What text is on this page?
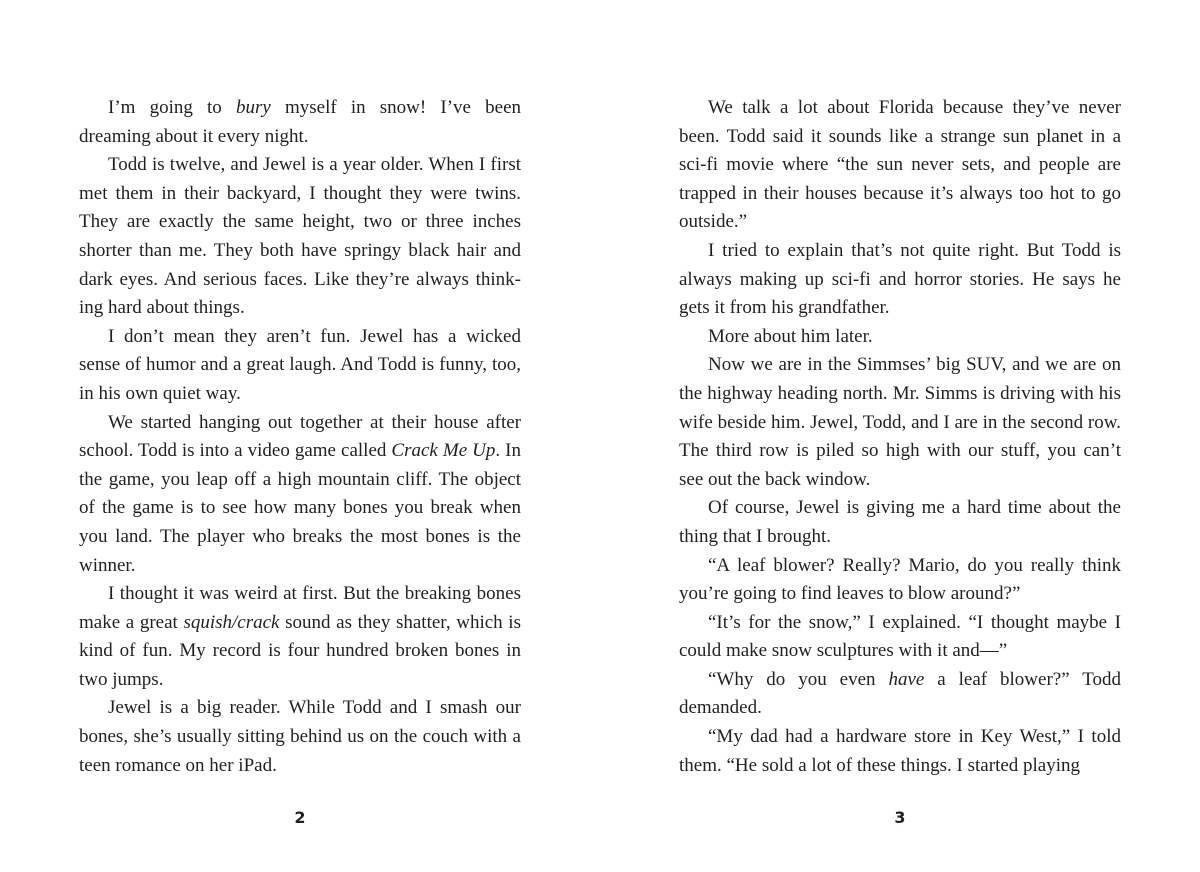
I’m going to bury myself in snow! I’ve been dreaming about it every night.

Todd is twelve, and Jewel is a year older. When I first met them in their backyard, I thought they were twins. They are exactly the same height, two or three inches shorter than me. They both have springy black hair and dark eyes. And serious faces. Like they’re always think-ing hard about things.

I don’t mean they aren’t fun. Jewel has a wicked sense of humor and a great laugh. And Todd is funny, too, in his own quiet way.

We started hanging out together at their house after school. Todd is into a video game called Crack Me Up. In the game, you leap off a high mountain cliff. The object of the game is to see how many bones you break when you land. The player who breaks the most bones is the winner.

I thought it was weird at first. But the breaking bones make a great squish/crack sound as they shatter, which is kind of fun. My record is four hundred broken bones in two jumps.

Jewel is a big reader. While Todd and I smash our bones, she’s usually sitting behind us on the couch with a teen romance on her iPad.

2

We talk a lot about Florida because they’ve never been. Todd said it sounds like a strange sun planet in a sci-fi movie where “the sun never sets, and people are trapped in their houses because it’s always too hot to go outside.”

I tried to explain that’s not quite right. But Todd is always making up sci-fi and horror stories. He says he gets it from his grandfather.

More about him later.

Now we are in the Simmses’ big SUV, and we are on the highway heading north. Mr. Simms is driving with his wife beside him. Jewel, Todd, and I are in the second row. The third row is piled so high with our stuff, you can’t see out the back window.

Of course, Jewel is giving me a hard time about the thing that I brought.

“A leaf blower? Really? Mario, do you really think you’re going to find leaves to blow around?”

“It’s for the snow,” I explained. “I thought maybe I could make snow sculptures with it and—”

“Why do you even have a leaf blower?” Todd demanded.

“My dad had a hardware store in Key West,” I told them. “He sold a lot of these things. I started playing

3
